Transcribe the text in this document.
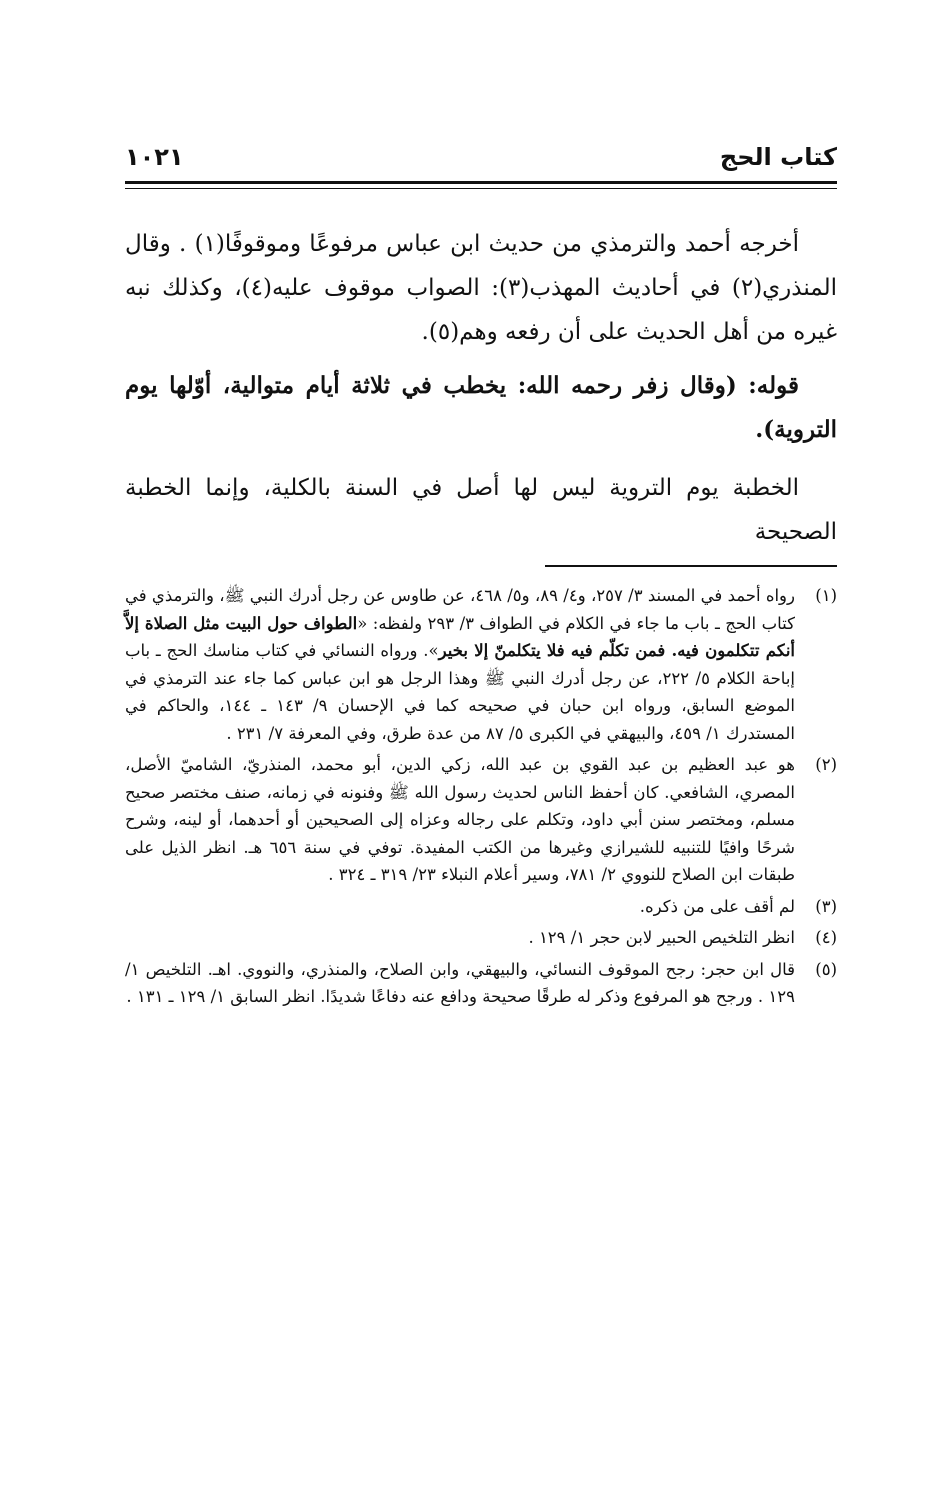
كتاب الحج
١٠٢١

أخرجه أحمد والترمذي من حديث ابن عباس مرفوعًا وموقوفًا(١) . وقال المنذري(٢) في أحاديث المهذب(٣): الصواب موقوف عليه(٤)، وكذلك نبه غيره من أهل الحديث على أن رفعه وهم(٥).

قوله: (وقال زفر رحمه الله: يخطب في ثلاثة أيام متوالية، أوّلها يوم التروية).

الخطبة يوم التروية ليس لها أصل في السنة بالكلية، وإنما الخطبة الصحيحة

(١)
رواه أحمد في المسند ٣/ ٢٥٧، و٤/ ٨٩، و٥/ ٤٦٨، عن طاوس عن رجل أدرك النبي ﷺ، والترمذي في كتاب الحج ـ باب ما جاء في الكلام في الطواف ٣/ ٢٩٣ ولفظه: «الطواف حول البيت مثل الصلاة إلاَّ أنكم تتكلمون فيه. فمن تكلّم فيه فلا يتكلمنّ إلا بخير». ورواه النسائي في كتاب مناسك الحج ـ باب إباحة الكلام ٥/ ٢٢٢، عن رجل أدرك النبي ﷺ وهذا الرجل هو ابن عباس كما جاء عند الترمذي في الموضع السابق، ورواه ابن حبان في صحيحه كما في الإحسان ٩/ ١٤٣ ـ ١٤٤، والحاكم في المستدرك ١/ ٤٥٩، والبيهقي في الكبرى ٥/ ٨٧ من عدة طرق، وفي المعرفة ٧/ ٢٣١ .
(٢)
هو عبد العظيم بن عبد القوي بن عبد الله، زكي الدين، أبو محمد، المنذريّ، الشاميّ الأصل، المصري، الشافعي. كان أحفظ الناس لحديث رسول الله ﷺ وفنونه في زمانه، صنف مختصر صحيح مسلم، ومختصر سنن أبي داود، وتكلم على رجاله وعزاه إلى الصحيحين أو أحدهما، أو لينه، وشرح شرحًا وافيًا للتنبيه للشيرازي وغيرها من الكتب المفيدة. توفي في سنة ٦٥٦ هـ. انظر الذيل على طبقات ابن الصلاح للنووي ٢/ ٧٨١، وسير أعلام النبلاء ٢٣/ ٣١٩ ـ ٣٢٤ .
(٣)
لم أقف على من ذكره.
(٤)
انظر التلخيص الحبير لابن حجر ١/ ١٢٩ .
(٥)
قال ابن حجر: رجح الموقوف النسائي، والبيهقي، وابن الصلاح، والمنذري، والنووي. اهـ. التلخيص ١/ ١٢٩ . ورجح هو المرفوع وذكر له طرقًا صحيحة ودافع عنه دفاعًا شديدًا. انظر السابق ١/ ١٢٩ ـ ١٣١ .
